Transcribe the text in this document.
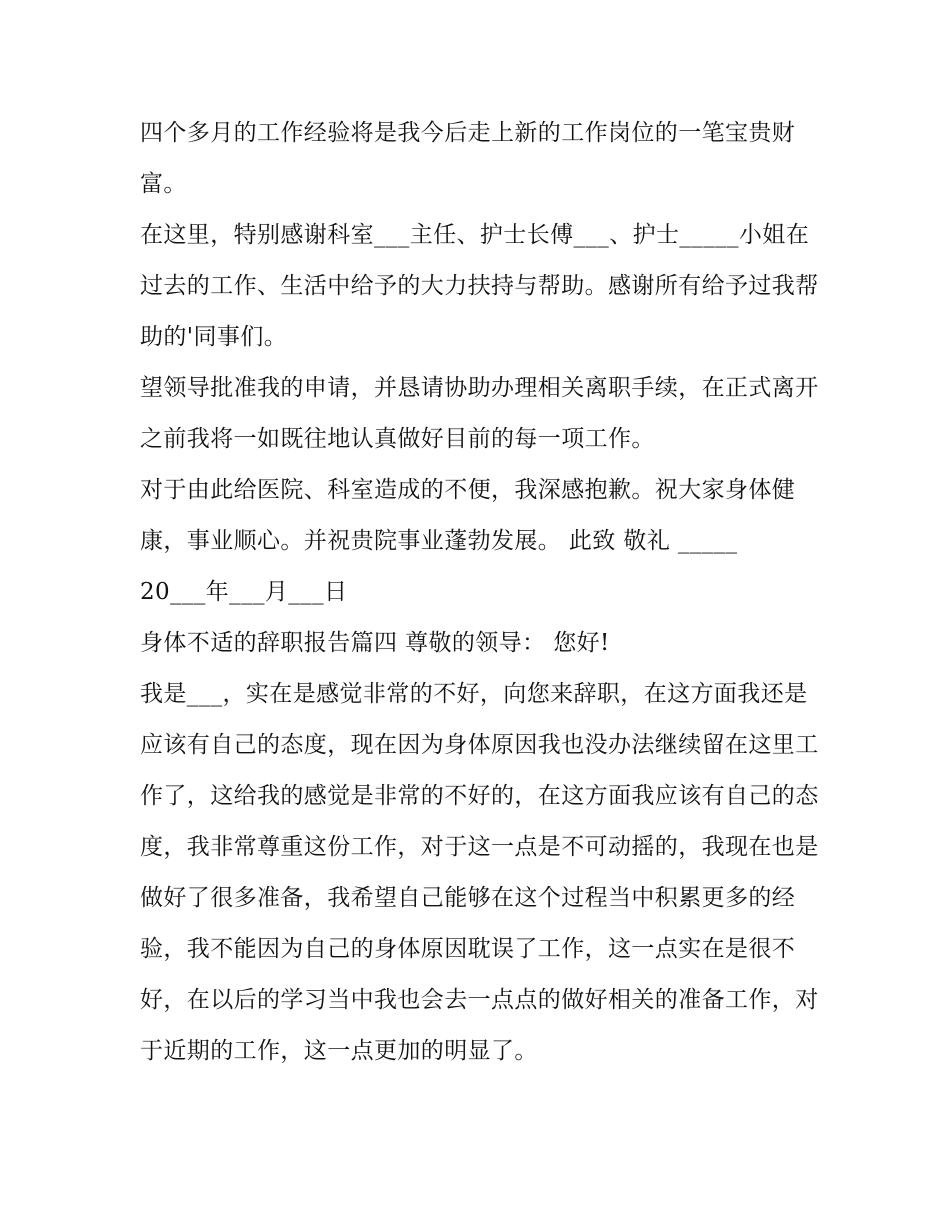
四个多月的工作经验将是我今后走上新的工作岗位的一笔宝贵财富。

在这里，特别感谢科室___主任、护士长傅___、护士_____小姐在过去的工作、生活中给予的大力扶持与帮助。感谢所有给予过我帮助的'同事们。

望领导批准我的申请，并恳请协助办理相关离职手续，在正式离开之前我将一如既往地认真做好目前的每一项工作。

对于由此给医院、科室造成的不便，我深感抱歉。祝大家身体健康，事业顺心。并祝贵院事业蓬勃发展。 此致 敬礼 _____

20___年___月___日

身体不适的辞职报告篇四 尊敬的领导： 您好!

我是___，实在是感觉非常的不好，向您来辞职，在这方面我还是应该有自己的态度，现在因为身体原因我也没办法继续留在这里工作了，这给我的感觉是非常的不好的，在这方面我应该有自己的态度，我非常尊重这份工作，对于这一点是不可动摇的，我现在也是做好了很多准备，我希望自己能够在这个过程当中积累更多的经验，我不能因为自己的身体原因耽误了工作，这一点实在是很不好，在以后的学习当中我也会去一点点的做好相关的准备工作，对于近期的工作，这一点更加的明显了。
